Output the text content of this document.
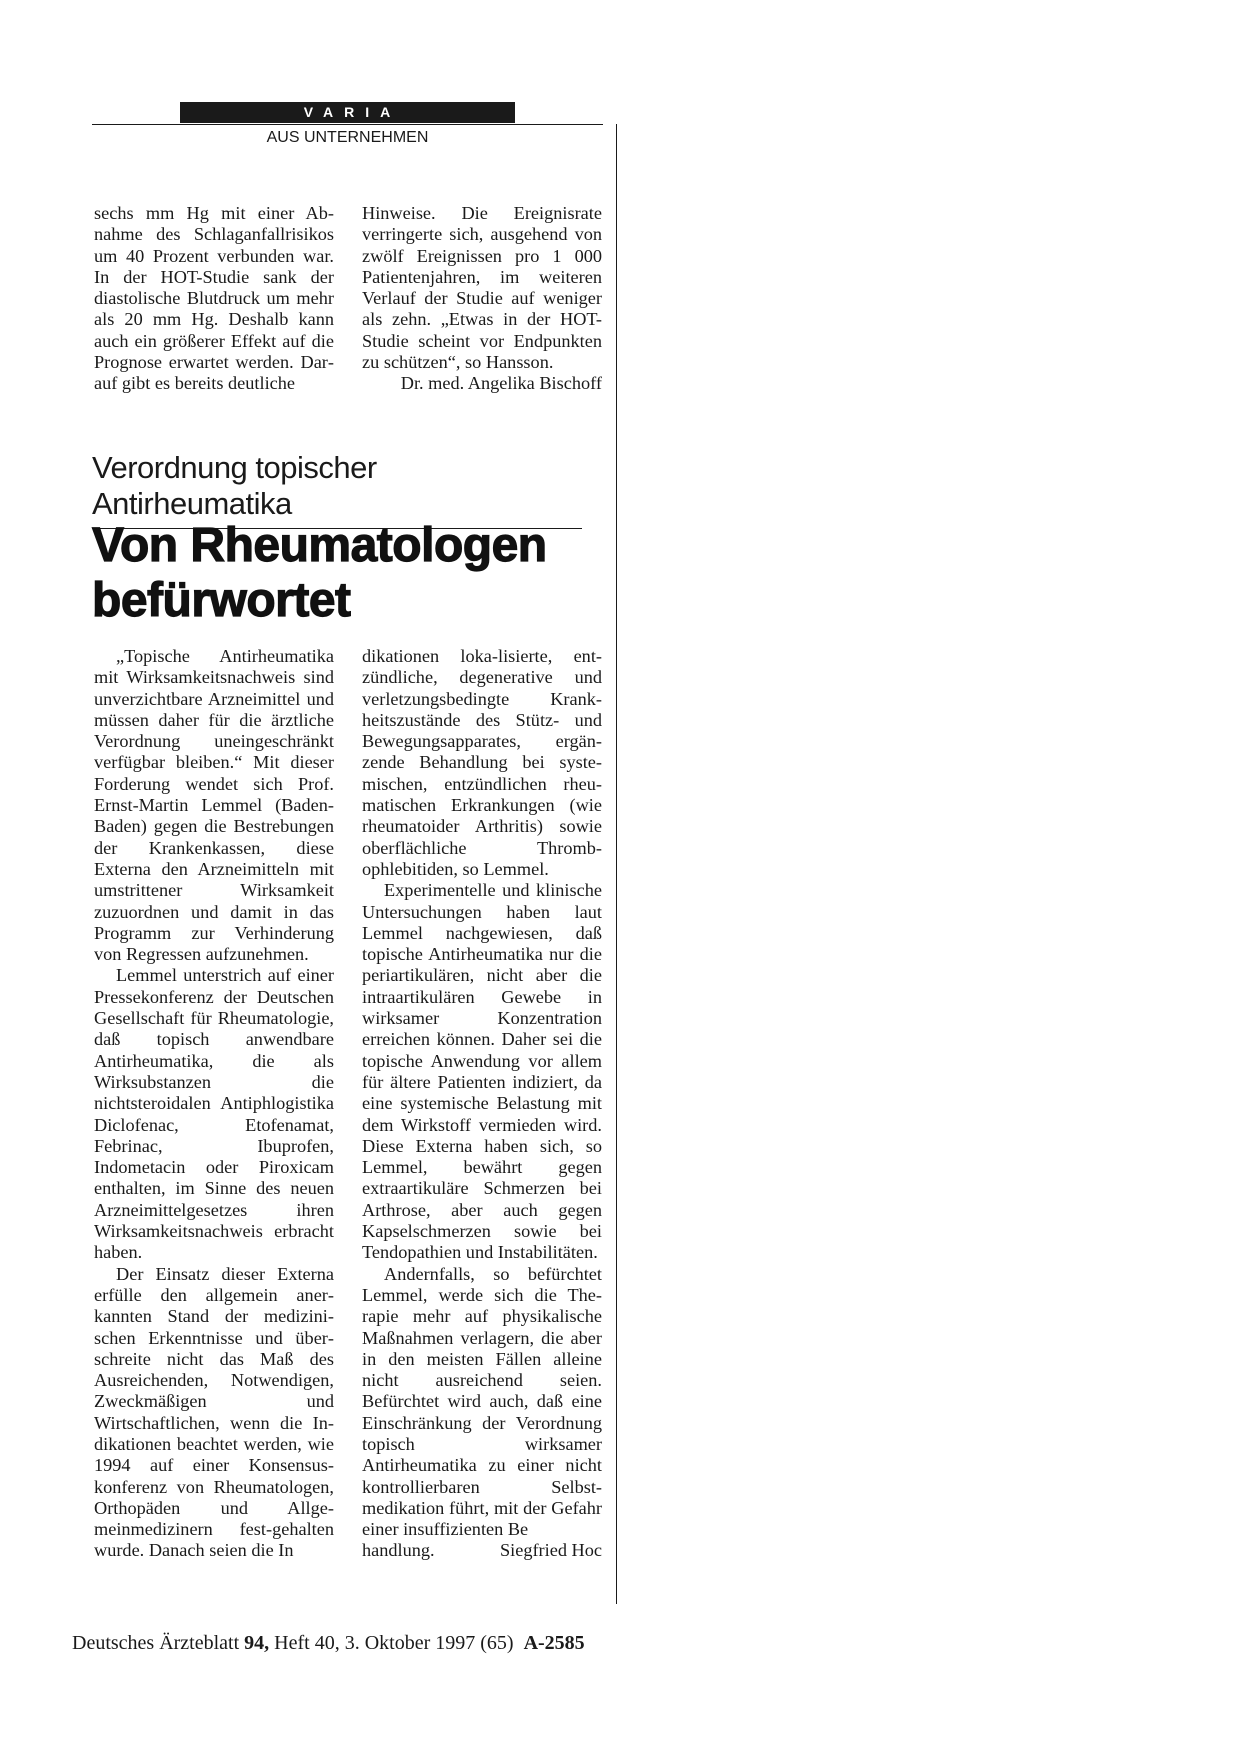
VARIA
AUS UNTERNEHMEN

sechs mm Hg mit einer Abnahme des Schlaganfallrisikos um 40 Prozent verbunden war. In der HOT-Studie sank der diastolische Blutdruck um mehr als 20 mm Hg. Deshalb kann auch ein größerer Effekt auf die Prognose erwartet werden. Darauf gibt es bereits deutliche

Hinweise. Die Ereignisrate verringerte sich, ausgehend von zwölf Ereignissen pro 1 000 Patientenjahren, im weiteren Verlauf der Studie auf weniger als zehn. „Etwas in der HOT-Studie scheint vor Endpunkten zu schützen“, so Hansson.

Dr. med. Angelika Bischoff

Verordnung topischer Antirheumatika
Von Rheumatologen
befürwortet

„Topische Antirheumatika mit Wirksamkeitsnachweis sind unverzichtbare Arzneimittel und müssen daher für die ärztliche Verordnung uneingeschränkt verfügbar bleiben.“ Mit dieser Forderung wendet sich Prof. Ernst-Martin Lemmel (Baden-Baden) gegen die Bestrebungen der Krankenkassen, diese Externa den Arzneimitteln mit umstrittener Wirksamkeit zuzuordnen und damit in das Programm zur Verhinderung von Regressen aufzunehmen.

Lemmel unterstrich auf einer Pressekonferenz der Deutschen Gesellschaft für Rheumatologie, daß topisch anwendbare Antirheumatika, die als Wirksubstanzen die nichtsteroidalen Antiphlogistika Diclofenac, Etofenamat, Febrinac, Ibuprofen, Indometacin oder Piroxicam enthalten, im Sinne des neuen Arzneimittelgesetzes ihren Wirksamkeitsnachweis erbracht haben.

Der Einsatz dieser Externa erfülle den allgemein anerkannten Stand der medizinischen Erkenntnisse und überschreite nicht das Maß des Ausreichenden, Notwendigen, Zweckmäßigen und Wirtschaftlichen, wenn die Indikationen beachtet werden, wie 1994 auf einer Konsensuskonferenz von Rheumatologen, Orthopäden und Allgemeinmedizinern fest-gehalten wurde. Danach seien die In

dikationen loka-lisierte, entzündliche, degenerative und verletzungsbedingte Krankheitszustände des Stütz- und Bewegungsapparates, ergänzende Behandlung bei systemischen, entzündlichen rheumatischen Erkrankungen (wie rheumatoider Arthritis) sowie oberflächliche Thrombophlebitiden, so Lemmel.

Experimentelle und klinische Untersuchungen haben laut Lemmel nachgewiesen, daß topische Antirheumatika nur die periartikulären, nicht aber die intraartikulären Gewebe in wirksamer Konzentration erreichen können. Daher sei die topische Anwendung vor allem für ältere Patienten indiziert, da eine systemische Belastung mit dem Wirkstoff vermieden wird. Diese Externa haben sich, so Lemmel, bewährt gegen extraartikuläre Schmerzen bei Arthrose, aber auch gegen Kapselschmerzen sowie bei Tendopathien und Instabilitäten.

Andernfalls, so befürchtet Lemmel, werde sich die Therapie mehr auf physikalische Maßnahmen verlagern, die aber in den meisten Fällen alleine nicht ausreichend seien. Befürchtet wird auch, daß eine Einschränkung der Verordnung topisch wirksamer Antirheumatika zu einer nicht kontrollierbaren Selbstmedikation führt, mit der Gefahr einer insuffizienten Be

handlung.	Siegfried Hoc
Deutsches Ärzteblatt 94, Heft 40, 3. Oktober 1997 (65) A-2585
